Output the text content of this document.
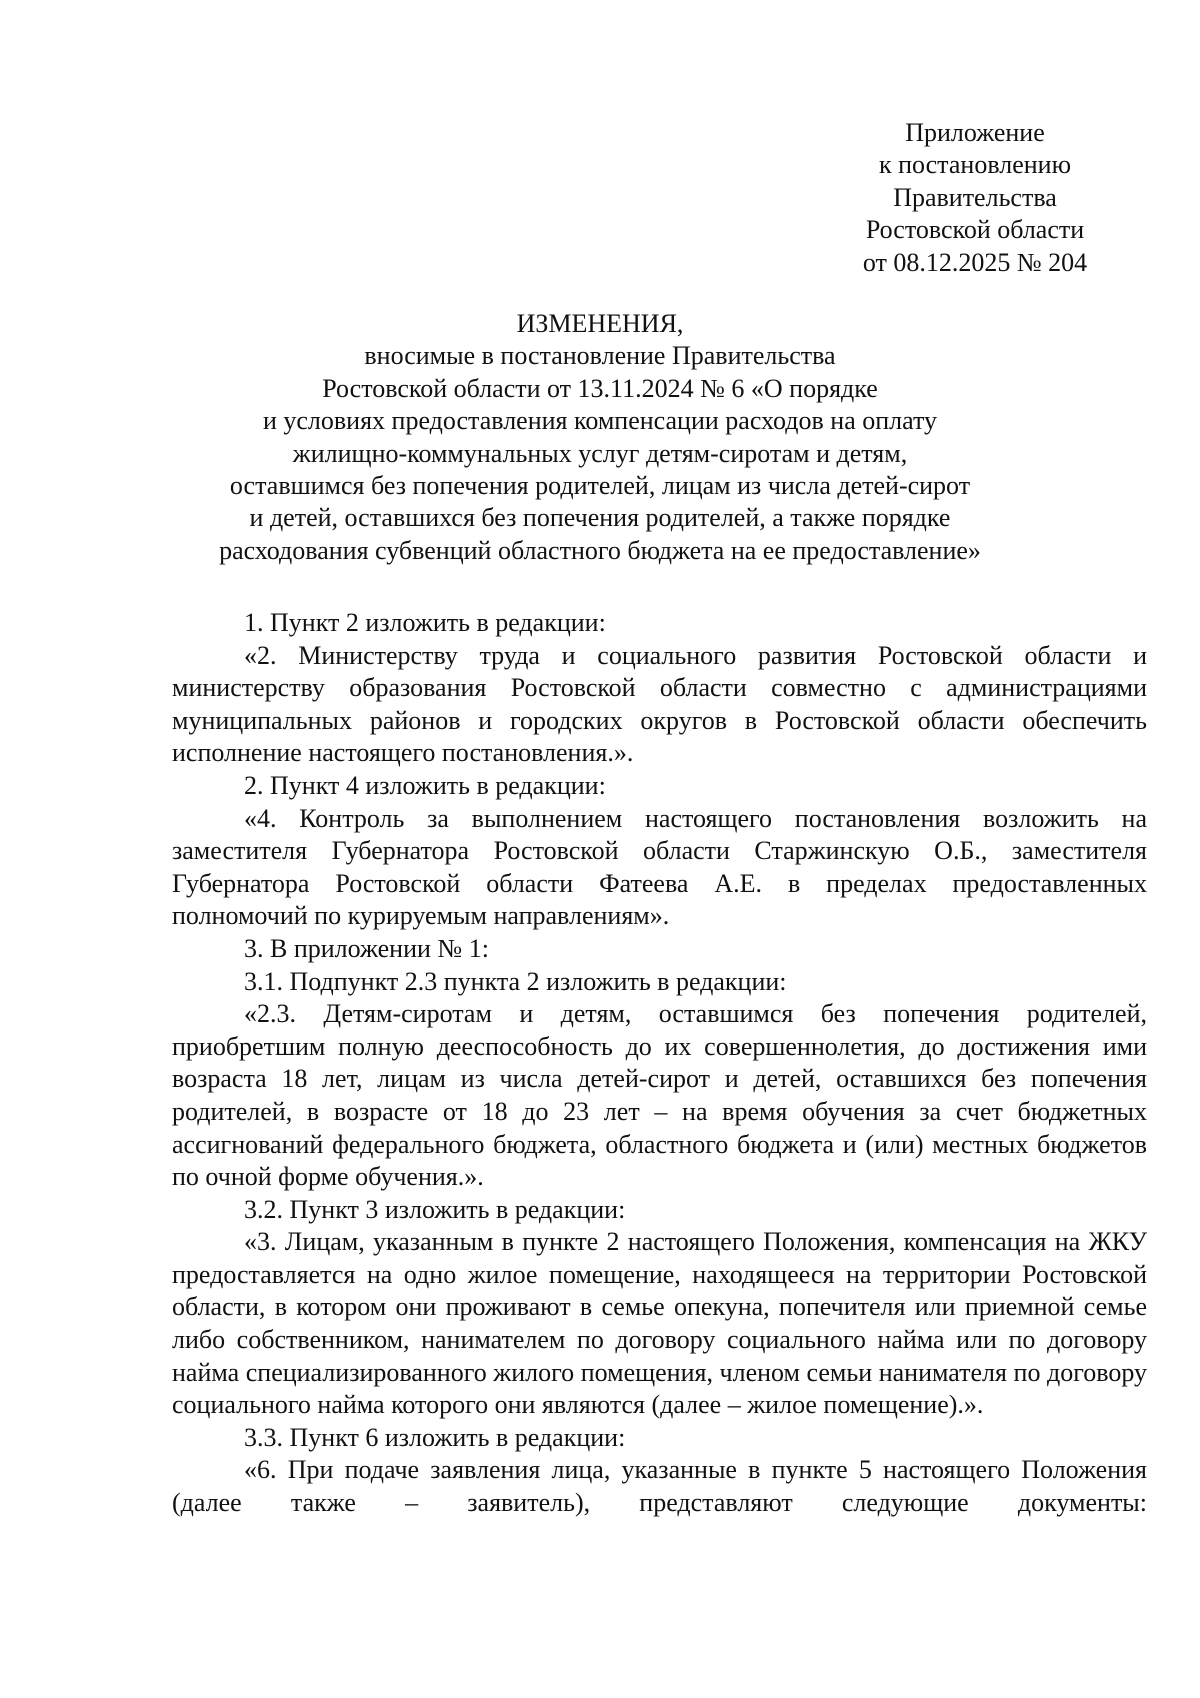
Приложение
к постановлению
Правительства
Ростовской области
от 08.12.2025 № 204
ИЗМЕНЕНИЯ,
вносимые в постановление Правительства
Ростовской области от 13.11.2024 № 6 «О порядке
и условиях предоставления компенсации расходов на оплату
жилищно-коммунальных услуг детям-сиротам и детям,
оставшимся без попечения родителей, лицам из числа детей-сирот
и детей, оставшихся без попечения родителей, а также порядке
расходования субвенций областного бюджета на ее предоставление»

1. Пункт 2 изложить в редакции:

«2. Министерству труда и социального развития Ростовской области и министерству образования Ростовской области совместно с администрациями муниципальных районов и городских округов в Ростовской области обеспечить исполнение настоящего постановления.».

2. Пункт 4 изложить в редакции:

«4. Контроль за выполнением настоящего постановления возложить на заместителя Губернатора Ростовской области Старжинскую О.Б., заместителя Губернатора Ростовской области Фатеева А.Е. в пределах предоставленных полномочий по курируемым направлениям».

3. В приложении № 1:

3.1. Подпункт 2.3 пункта 2 изложить в редакции:

«2.3. Детям-сиротам и детям, оставшимся без попечения родителей, приобретшим полную дееспособность до их совершеннолетия, до достижения ими возраста 18 лет, лицам из числа детей-сирот и детей, оставшихся без попечения родителей, в возрасте от 18 до 23 лет – на время обучения за счет бюджетных ассигнований федерального бюджета, областного бюджета и (или) местных бюджетов по очной форме обучения.».

3.2. Пункт 3 изложить в редакции:

«3. Лицам, указанным в пункте 2 настоящего Положения, компенсация на ЖКУ предоставляется на одно жилое помещение, находящееся на территории Ростовской области, в котором они проживают в семье опекуна, попечителя или приемной семье либо собственником, нанимателем по договору социального найма или по договору найма специализированного жилого помещения, членом семьи нанимателя по договору социального найма которого они являются (далее – жилое помещение).».

3.3. Пункт 6 изложить в редакции:

«6. При подаче заявления лица, указанные в пункте 5 настоящего Положения (далее также – заявитель), представляют следующие документы:
